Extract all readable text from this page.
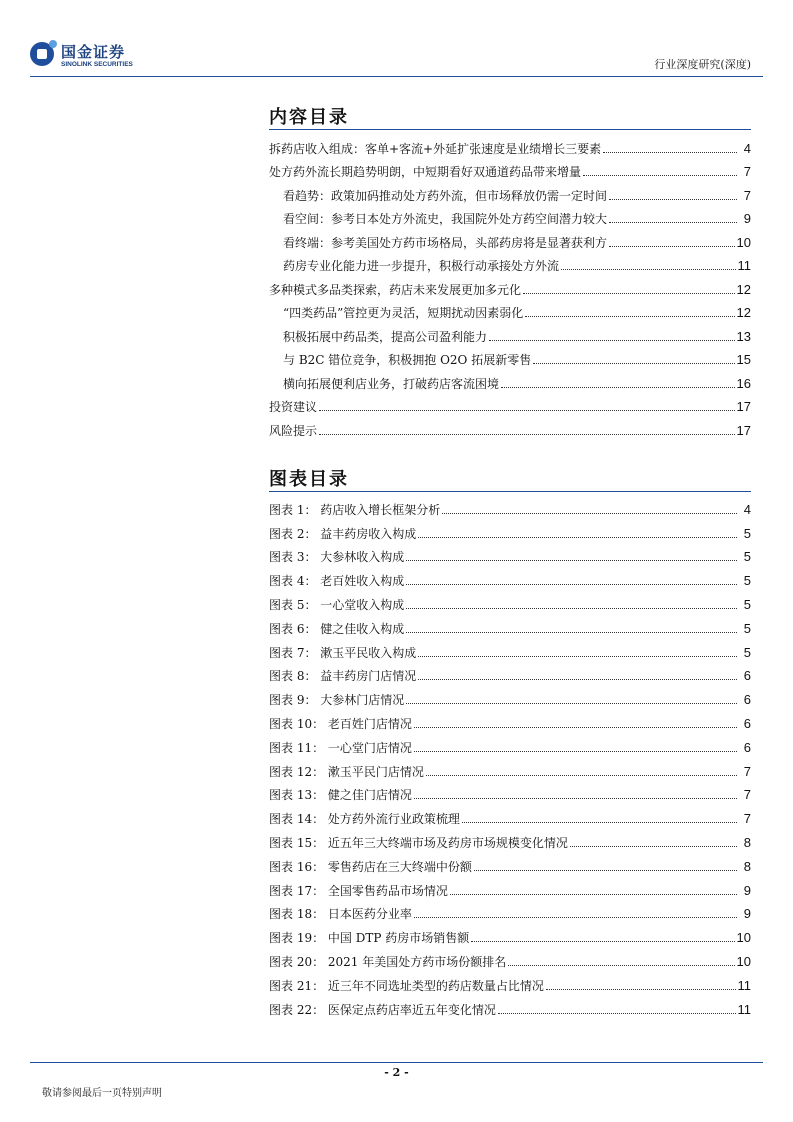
国金证券
SINOLINK SECURITIES	行业深度研究(深度)
内容目录
拆药店收入组成：客单+客流+外延扩张速度是业绩增长三要素	4
处方药外流长期趋势明朗，中短期看好双通道药品带来增量	7
看趋势：政策加码推动处方药外流，但市场释放仍需一定时间	7
看空间：参考日本处方外流史，我国院外处方药空间潜力较大	9
看终端：参考美国处方药市场格局，头部药房将是显著获利方	10
药房专业化能力进一步提升，积极行动承接处方外流	11
多种模式多品类探索，药店未来发展更加多元化	12
“四类药品”管控更为灵活，短期扰动因素弱化	12
积极拓展中药品类，提高公司盈利能力	13
与 B2C 错位竞争，积极拥抱 O2O 拓展新零售	15
横向拓展便利店业务，打破药店客流困境	16
投资建议	17
风险提示	17
图表目录
图表 1： 药店收入增长框架分析	4
图表 2： 益丰药房收入构成	5
图表 3： 大参林收入构成	5
图表 4： 老百姓收入构成	5
图表 5： 一心堂收入构成	5
图表 6： 健之佳收入构成	5
图表 7： 漱玉平民收入构成	5
图表 8： 益丰药房门店情况	6
图表 9： 大参林门店情况	6
图表 10： 老百姓门店情况	6
图表 11： 一心堂门店情况	6
图表 12： 漱玉平民门店情况	7
图表 13： 健之佳门店情况	7
图表 14： 处方药外流行业政策梳理	7
图表 15： 近五年三大终端市场及药房市场规模变化情况	8
图表 16： 零售药店在三大终端中份额	8
图表 17： 全国零售药品市场情况	9
图表 18： 日本医药分业率	9
图表 19： 中国 DTP 药房市场销售额	10
图表 20： 2021 年美国处方药市场份额排名	10
图表 21： 近三年不同选址类型的药店数量占比情况	11
图表 22： 医保定点药店率近五年变化情况	11
- 2 -
敬请参阅最后一页特别声明
